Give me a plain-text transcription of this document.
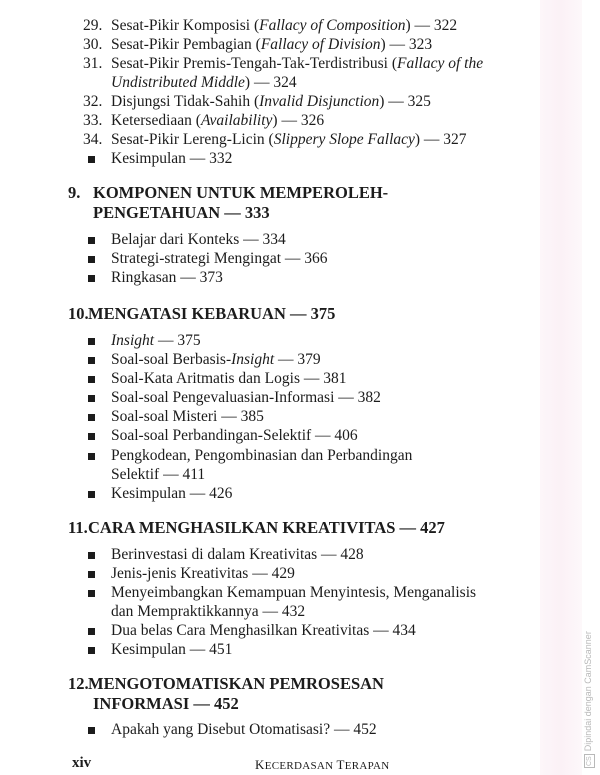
29. Sesat-Pikir Komposisi (Fallacy of Composition) — 322
30. Sesat-Pikir Pembagian (Fallacy of Division) — 323
31. Sesat-Pikir Premis-Tengah-Tak-Terdistribusi (Fallacy of the
Undistributed Middle) — 324
32. Disjungsi Tidak-Sahih (Invalid Disjunction) — 325
33. Ketersediaan (Availability) — 326
34. Sesat-Pikir Lereng-Licin (Slippery Slope Fallacy) — 327
Kesimpulan — 332
9. KOMPONEN UNTUK MEMPEROLEH-
PENGETAHUAN — 333
Belajar dari Konteks — 334
Strategi-strategi Mengingat — 366
Ringkasan — 373
10. MENGATASI KEBARUAN — 375
Insight — 375
Soal-soal Berbasis-Insight — 379
Soal-Kata Aritmatis dan Logis — 381
Soal-soal Pengevaluasian-Informasi — 382
Soal-soal Misteri — 385
Soal-soal Perbandingan-Selektif — 406
Pengkodean, Pengombinasian dan Perbandingan
Selektif — 411
Kesimpulan — 426
11. CARA MENGHASILKAN KREATIVITAS — 427
Berinvestasi di dalam Kreativitas — 428
Jenis-jenis Kreativitas — 429
Menyeimbangkan Kemampuan Menyintesis, Menganalisis
dan Mempraktikkannya — 432
Dua belas Cara Menghasilkan Kreativitas — 434
Kesimpulan — 451
12. MENGOTOMATISKAN PEMROSESAN
INFORMASI — 452
Apakah yang Disebut Otomatisasi? — 452
xiv	KECERDASAN TERAPAN	CSDipindai dengan CamScanner
